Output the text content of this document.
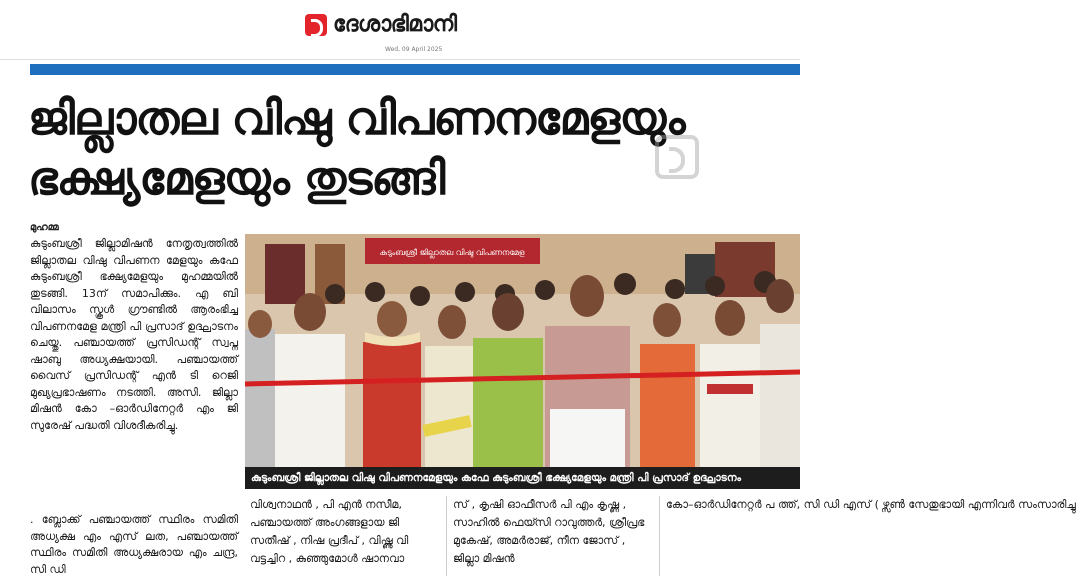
ദേശാഭിമാനി
Wed, 09 April 2025
ജില്ലാതല വിഷു വിപണനമേളയും
ഭക്ഷ്യമേളയും തുടങ്ങി
മുഹമ്മ

കുടുംബശ്രീ ജില്ലാമിഷൻ നേതൃത്വത്തിൽ ജില്ലാതല വിഷു വിപണന മേളയും കഫേ കുടുംബശ്രീ ഭക്ഷ്യമേളയും മുഹമ്മയിൽ തുടങ്ങി. 13ന് സമാപിക്കും. എ ബി വിലാസം സ്കൂൾ ഗ്രൗണ്ടിൽ ആരംഭിച്ച വിപണനമേള മന്ത്രി പി പ്രസാദ് ഉദ്ഘാടനം ചെയ്തു. പഞ്ചായത്ത് പ്രസിഡന്റ് സ്വപ്ന ഷാബു അധ്യക്ഷയായി. പഞ്ചായത്ത് വൈസ് പ്രസിഡന്റ് എൻ ടി റെജി മുഖ്യപ്രഭാഷണം നടത്തി. അസി. ജില്ലാ മിഷൻ കോ –ഓർഡിനേറ്റർ എം ജി സുരേഷ് പദ്ധതി വിശദീകരിച്ചു.

. ബ്ലോക്ക് പഞ്ചായത്ത് സ്ഥിരം സമിതി അധ്യക്ഷ എം എസ് ലത, പഞ്ചായത്ത് സ്ഥിരം സമിതി അധ്യക്ഷരായ എം ചന്ദ്ര, സി ഡി

കുടുംബശ്രീ ജില്ലാതല വിഷു വിപണനമേള
കുടുംബശ്രീ ജില്ലാതല വിഷു വിപണനമേളയും കഫേ കുടുംബശ്രീ ഭക്ഷ്യമേളയും മന്ത്രി പി പ്രസാദ് ഉദ്ഘാടനം
വിശ്വനാഥൻ , പി എൻ നസീമ, പഞ്ചായത്ത് അംഗങ്ങളായ ജി സതീഷ് , നിഷ പ്രദീപ് , വിഷ്ണു വി വട്ടച്ചിറ , കുഞ്ഞുമോൾ ഷാനവാ
സ് , കൃഷി ഓഫീസർ പി എം കൃഷ്ണ , സാഹിൽ ഫെയ്സി റാവുത്തർ, ശ്രീപ്രഭ മുകേഷ്, അമർരാജ്, നീന ജോസ് , ജില്ലാ മിഷൻ
കോ–ഓർഡിനേറ്റർ പ ത്ത്, സി ഡി എസ് ( ഴ്സൺ സേതുഭായി എന്നിവർ സംസാരിച്ചു
